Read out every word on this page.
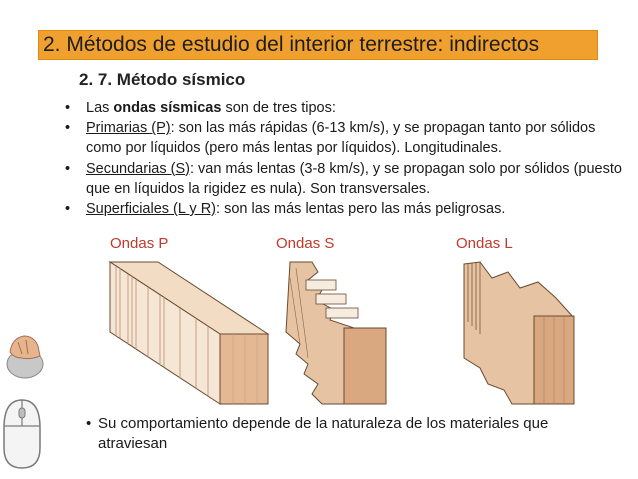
2. Métodos de estudio del interior terrestre: indirectos
2. 7. Método sísmico
• Las ondas sísmicas son de tres tipos:
• Primarias (P): son las más rápidas (6-13 km/s), y se propagan tanto por sólidos como por líquidos (pero más lentas por líquidos). Longitudinales.
• Secundarias (S): van más lentas (3-8 km/s), y se propagan solo por sólidos (puesto que en líquidos la rigidez es nula). Son transversales.
• Superficiales (L y R): son las más lentas pero las más peligrosas.
Ondas P	Ondas S	Ondas L
• Su comportamiento depende de la naturaleza de los materiales que atraviesan
